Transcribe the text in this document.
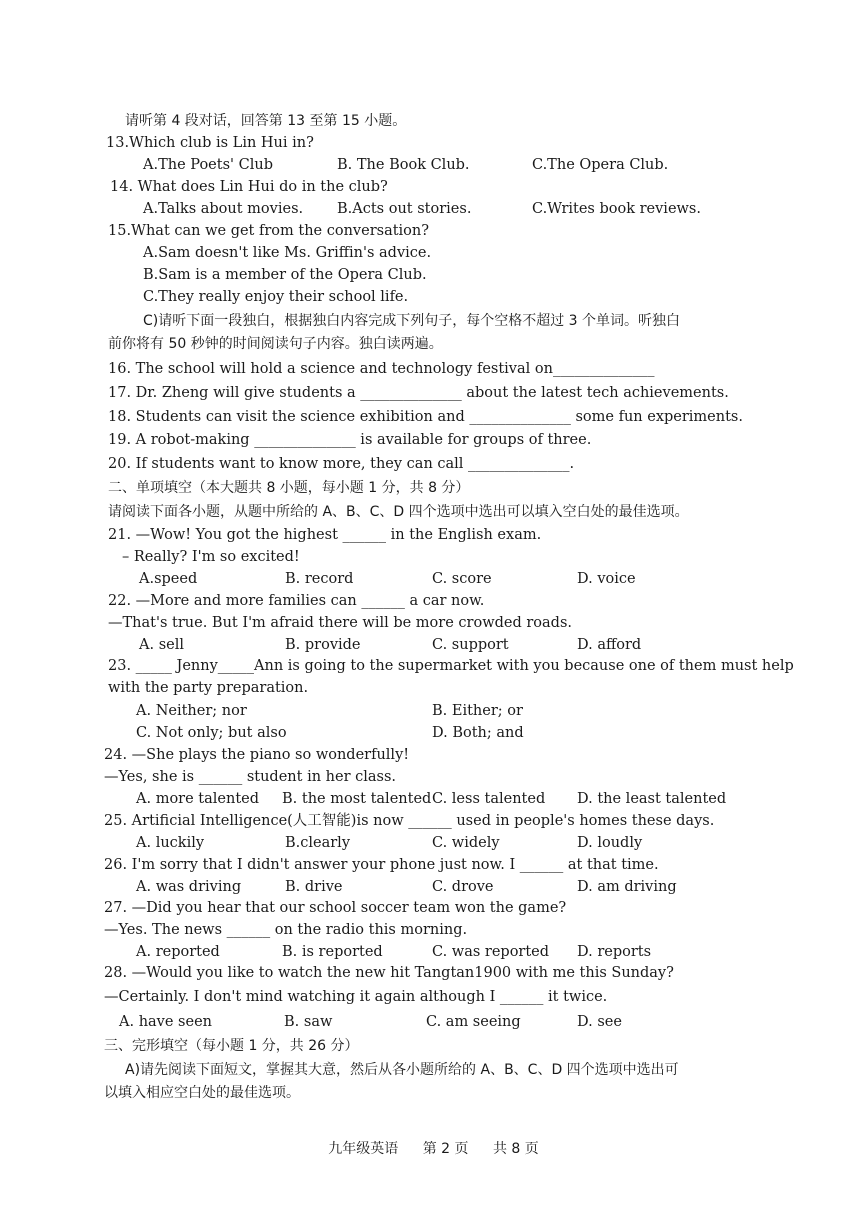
请听第 4 段对话，回答第 13 至第 15 小题。
13.Which club is Lin Hui in?
A.The Poets' Club	B. The Book Club.	C.The Opera Club.
14. What does Lin Hui do in the club?
A.Talks about movies. B.Acts out stories.	C.Writes book reviews.
15.What can we get from the conversation?
A.Sam doesn't like Ms. Griffin's advice.
B.Sam is a member of the Opera Club.
C.They really enjoy their school life.
C)请听下面一段独白，根据独白内容完成下列句子，每个空格不超过 3 个单词。听独白
前你将有 50 秒钟的时间阅读句子内容。独白读两遍。
16. The school will hold a science and technology festival on______________
17. Dr. Zheng will give students a ______________ about the latest tech achievements.
18. Students can visit the science exhibition and ______________ some fun experiments.
19. A robot-making ______________ is available for groups of three.
20. If students want to know more, they can call ______________.
二、单项填空（本大题共 8 小题，每小题 1 分，共 8 分）
请阅读下面各小题，从题中所给的 A、B、C、D 四个选项中选出可以填入空白处的最佳选项。
21. —Wow! You got the highest ______ in the English exam.
– Really? I'm so excited!
A.speed	B. record	C. score	D. voice
22. —More and more families can ______ a car now.
—That's true. But I'm afraid there will be more crowded roads.
A. sell	B. provide	C. support	D. afford
23. _____ Jenny_____Ann is going to the supermarket with you because one of them must help
with the party preparation.
A. Neither; nor	B. Either; or
C. Not only; but also	D. Both; and
24. —She plays the piano so wonderfully!
—Yes, she is ______ student in her class.
A. more talented B. the most talented C. less talented D. the least talented
25. Artificial Intelligence(人工智能)is now ______ used in people's homes these days.
A. luckily	B.clearly	C. widely	D. loudly
26. I'm sorry that I didn't answer your phone just now. I ______ at that time.
A. was driving	B. drive	C. drove	D. am driving
27. —Did you hear that our school soccer team won the game?
—Yes. The news ______ on the radio this morning.
A. reported	B. is reported	C. was reported D. reports
28. —Would you like to watch the new hit Tangtan1900 with me this Sunday?
—Certainly. I don't mind watching it again although I ______ it twice.
A. have seen	B. saw	C. am seeing	D. see
三、完形填空（每小题 1 分，共 26 分）
A)请先阅读下面短文，掌握其大意，然后从各小题所给的 A、B、C、D 四个选项中选出可
以填入相应空白处的最佳选项。
九年级英语 第 2 页 共 8 页
